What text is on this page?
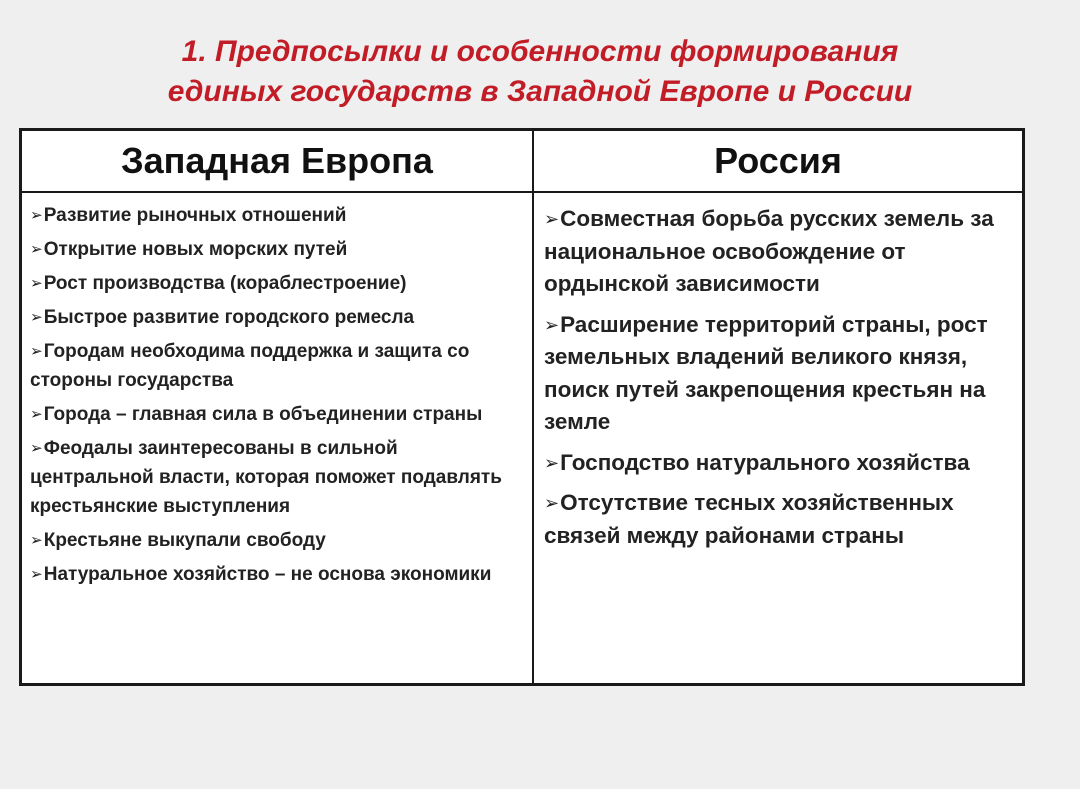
1. Предпосылки и особенности формирования
единых государств в Западной Европе и России
Западная Европа	Россия
➢Развитие рыночных отношений
➢Открытие новых морских путей
➢Рост производства (кораблестроение)
➢Быстрое развитие городского ремесла
➢Городам необходима поддержка и защита со стороны государства
➢Города – главная сила в объединении страны
➢Феодалы заинтересованы в сильной центральной власти, которая поможет подавлять крестьянские выступления
➢Крестьяне выкупали свободу
➢Натуральное хозяйство – не основа экономики
➢Совместная борьба русских земель за национальное освобождение от ордынской зависимости
➢Расширение территорий страны, рост земельных владений великого князя, поиск путей закрепощения крестьян на земле
➢Господство натурального хозяйства
➢Отсутствие тесных хозяйственных связей между районами страны
